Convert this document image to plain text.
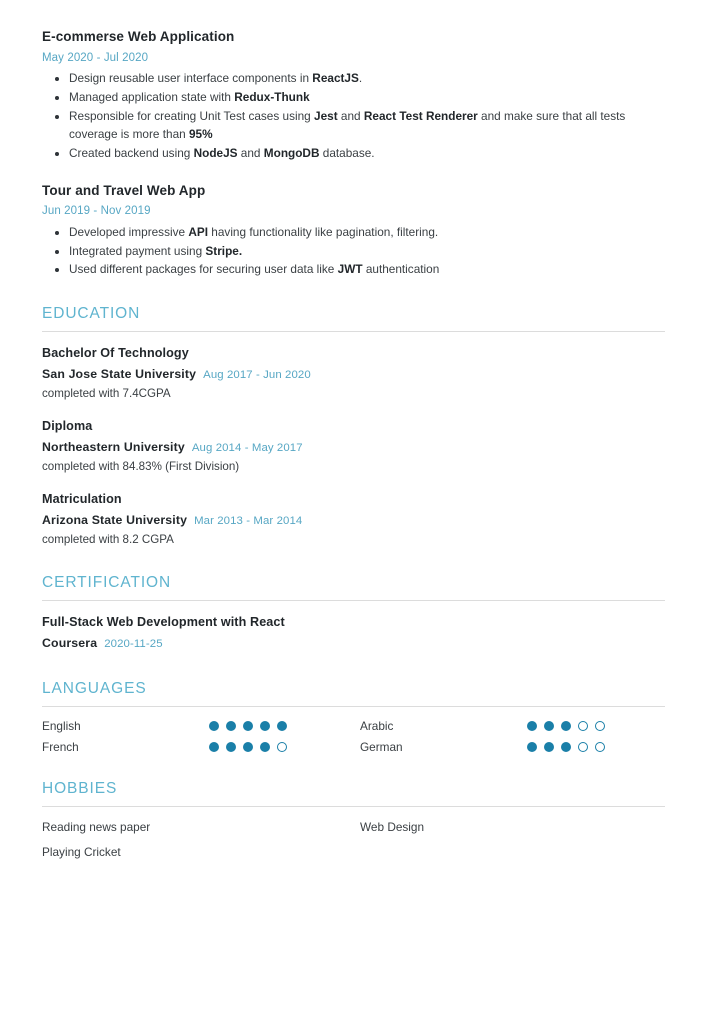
E-commerse Web Application
May 2020 - Jul 2020
Design reusable user interface components in ReactJS.
Managed application state with Redux-Thunk
Responsible for creating Unit Test cases using Jest and React Test Renderer and make sure that all tests coverage is more than 95%
Created backend using NodeJS and MongoDB database.
Tour and Travel Web App
Jun 2019 - Nov 2019
Developed impressive API having functionality like pagination, filtering.
Integrated payment using Stripe.
Used different packages for securing user data like JWT authentication
EDUCATION
Bachelor Of Technology
San Jose State University Aug 2017 - Jun 2020
completed with 7.4CGPA
Diploma
Northeastern University Aug 2014 - May 2017
completed with 84.83% (First Division)
Matriculation
Arizona State University Mar 2013 - Mar 2014
completed with 8.2 CGPA
CERTIFICATION
Full-Stack Web Development with React
Coursera 2020-11-25
LANGUAGES
English	Arabic
French	German
HOBBIES
Reading news paper	Web Design
Playing Cricket
